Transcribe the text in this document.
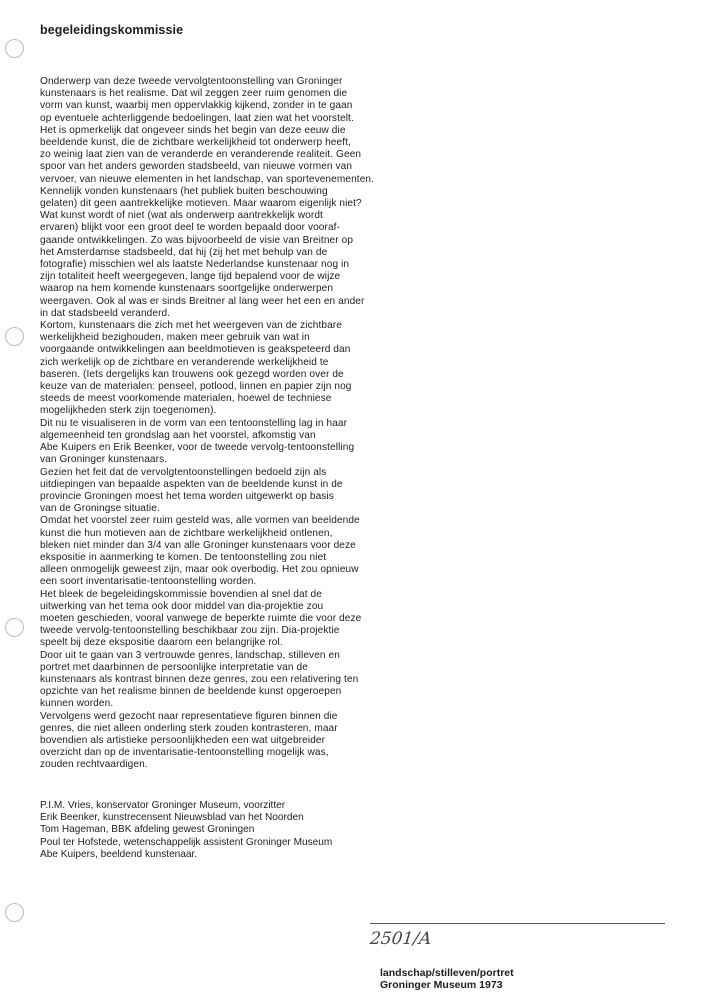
begeleidingskommissie
Onderwerp van deze tweede vervolgtentoonstelling van Groninger
kunstenaars is het realisme. Dat wil zeggen zeer ruim genomen die
vorm van kunst, waarbij men oppervlakkig kijkend, zonder in te gaan
op eventuele achterliggende bedoelingen, laat zien wat het voorstelt.
Het is opmerkelijk dat ongeveer sinds het begin van deze eeuw die
beeldende kunst, die de zichtbare werkelijkheid tot onderwerp heeft,
zo weinig laat zien van de veranderde en veranderende realiteit. Geen
spoor van het anders geworden stadsbeeld, van nieuwe vormen van
vervoer, van nieuwe elementen in het landschap, van sportevenementen.
Kennelijk vonden kunstenaars (het publiek buiten beschouwing
gelaten) dit geen aantrekkelijke motieven. Maar waarom eigenlijk niet?
Wat kunst wordt of niet (wat als onderwerp aantrekkelijk wordt
ervaren) blijkt voor een groot deel te worden bepaald door vooraf-
gaande ontwikkelingen. Zo was bijvoorbeeld de visie van Breitner op
het Amsterdamse stadsbeeld, dat hij (zij het met behulp van de
fotografie) misschien wel als laatste Nederlandse kunstenaar nog in
zijn totaliteit heeft weergegeven, lange tijd bepalend voor de wijze
waarop na hem komende kunstenaars soortgelijke onderwerpen
weergaven. Ook al was er sinds Breitner al lang weer het een en ander
in dat stadsbeeld veranderd.
Kortom, kunstenaars die zich met het weergeven van de zichtbare
werkelijkheid bezighouden, maken meer gebruik van wat in
voorgaande ontwikkelingen aan beeldmotieven is geakspeteerd dan
zich werkelijk op de zichtbare en veranderende werkelijkheid te
baseren. (Iets dergelijks kan trouwens ook gezegd worden over de
keuze van de materialen: penseel, potlood, linnen en papier zijn nog
steeds de meest voorkomende materialen, hoewel de techniese
mogelijkheden sterk zijn toegenomen).
Dit nu te visualiseren in de vorm van een tentoonstelling lag in haar
algemeenheid ten grondslag aan het voorstel, afkomstig van
Abe Kuipers en Erik Beenker, voor de tweede vervolg-tentoonstelling
van Groninger kunstenaars.
Gezien het feit dat de vervolgtentoonstellingen bedoeld zijn als
uitdiepingen van bepaalde aspekten van de beeldende kunst in de
provincie Groningen moest het tema worden uitgewerkt op basis
van de Groningse situatie.
Omdat het voorstel zeer ruim gesteld was, alle vormen van beeldende
kunst die hun motieven aan de zichtbare werkelijkheid ontlenen,
bleken niet minder dan 3/4 van alle Groninger kunstenaars voor deze
ekspositie in aanmerking te komen. De tentoonstelling zou niet
alleen onmogelijk geweest zijn, maar ook overbodig. Het zou opnieuw
een soort inventarisatie-tentoonstelling worden.
Het bleek de begeleidingskommissie bovendien al snel dat de
uitwerking van het tema ook door middel van dia-projektie zou
moeten geschieden, vooral vanwege de beperkte ruimte die voor deze
tweede vervolg-tentoonstelling beschikbaar zou zijn. Dia-projektie
speelt bij deze ekspositie daarom een belangrijke rol.
Door uit te gaan van 3 vertrouwde genres, landschap, stilleven en
portret met daarbinnen de persoonlijke interpretatie van de
kunstenaars als kontrast binnen deze genres, zou een relativering ten
opzichte van het realisme binnen de beeldende kunst opgeroepen
kunnen worden.
Vervolgens werd gezocht naar representatieve figuren binnen die
genres, die niet alleen onderling sterk zouden kontrasteren, maar
bovendien als artistieke persoonlijkheden een wat uitgebreider
overzicht dan op de inventarisatie-tentoonstelling mogelijk was,
zouden rechtvaardigen.
P.I.M. Vries, konservator Groninger Museum, voorzitter
Erik Beenker, kunstrecensent Nieuwsblad van het Noorden
Tom Hageman, BBK afdeling gewest Groningen
Poul ter Hofstede, wetenschappelijk assistent Groninger Museum
Abe Kuipers, beeldend kunstenaar.
2501/A
landschap/stilleven/portret
Groninger Museum 1973
